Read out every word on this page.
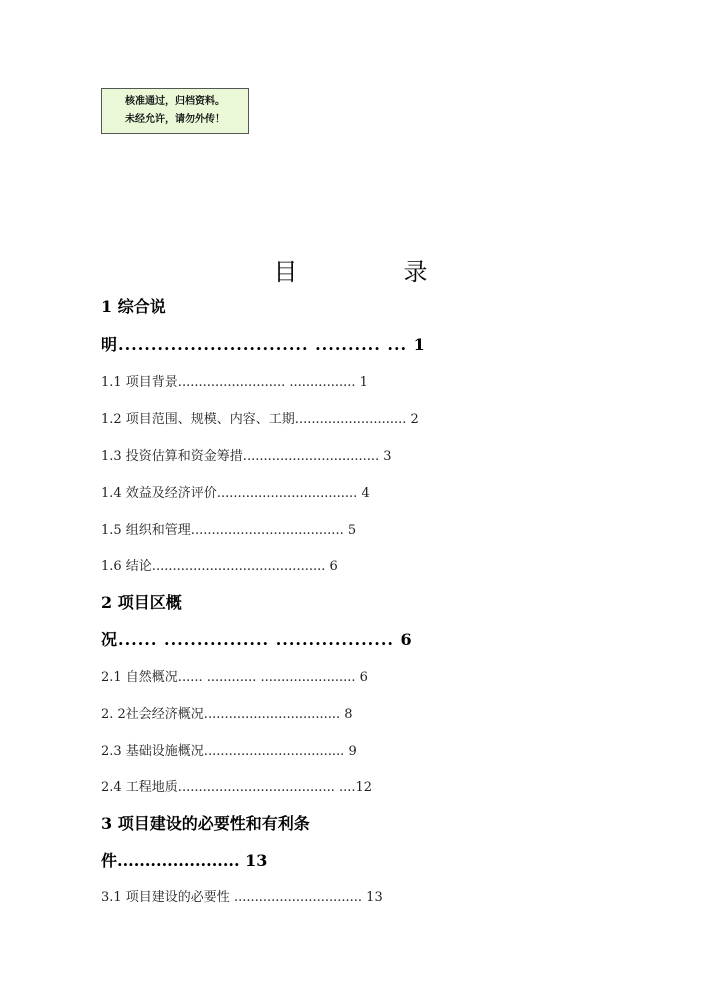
核准通过，归档资料。
未经允许，请勿外传！
目　　　　录
1 综合说
明............................. .......... ... 1
1.1 项目背景.......................... ................ 1
1.2 项目范围、规模、内容、工期........................... 2
1.3 投资估算和资金筹措................................. 3
1.4 效益及经济评价.................................. 4
1.5 组织和管理..................................... 5
1.6 结论.......................................... 6
2 项目区概
况...... ................ .................. 6
2.1 自然概况...... ............ ....................... 6
2. 2社会经济概况................................. 8
2.3 基础设施概况.................................. 9
2.4 工程地质...................................... ....12
3 项目建设的必要性和有利条
件...................... 13
3.1 项目建设的必要性 ............................... 13
